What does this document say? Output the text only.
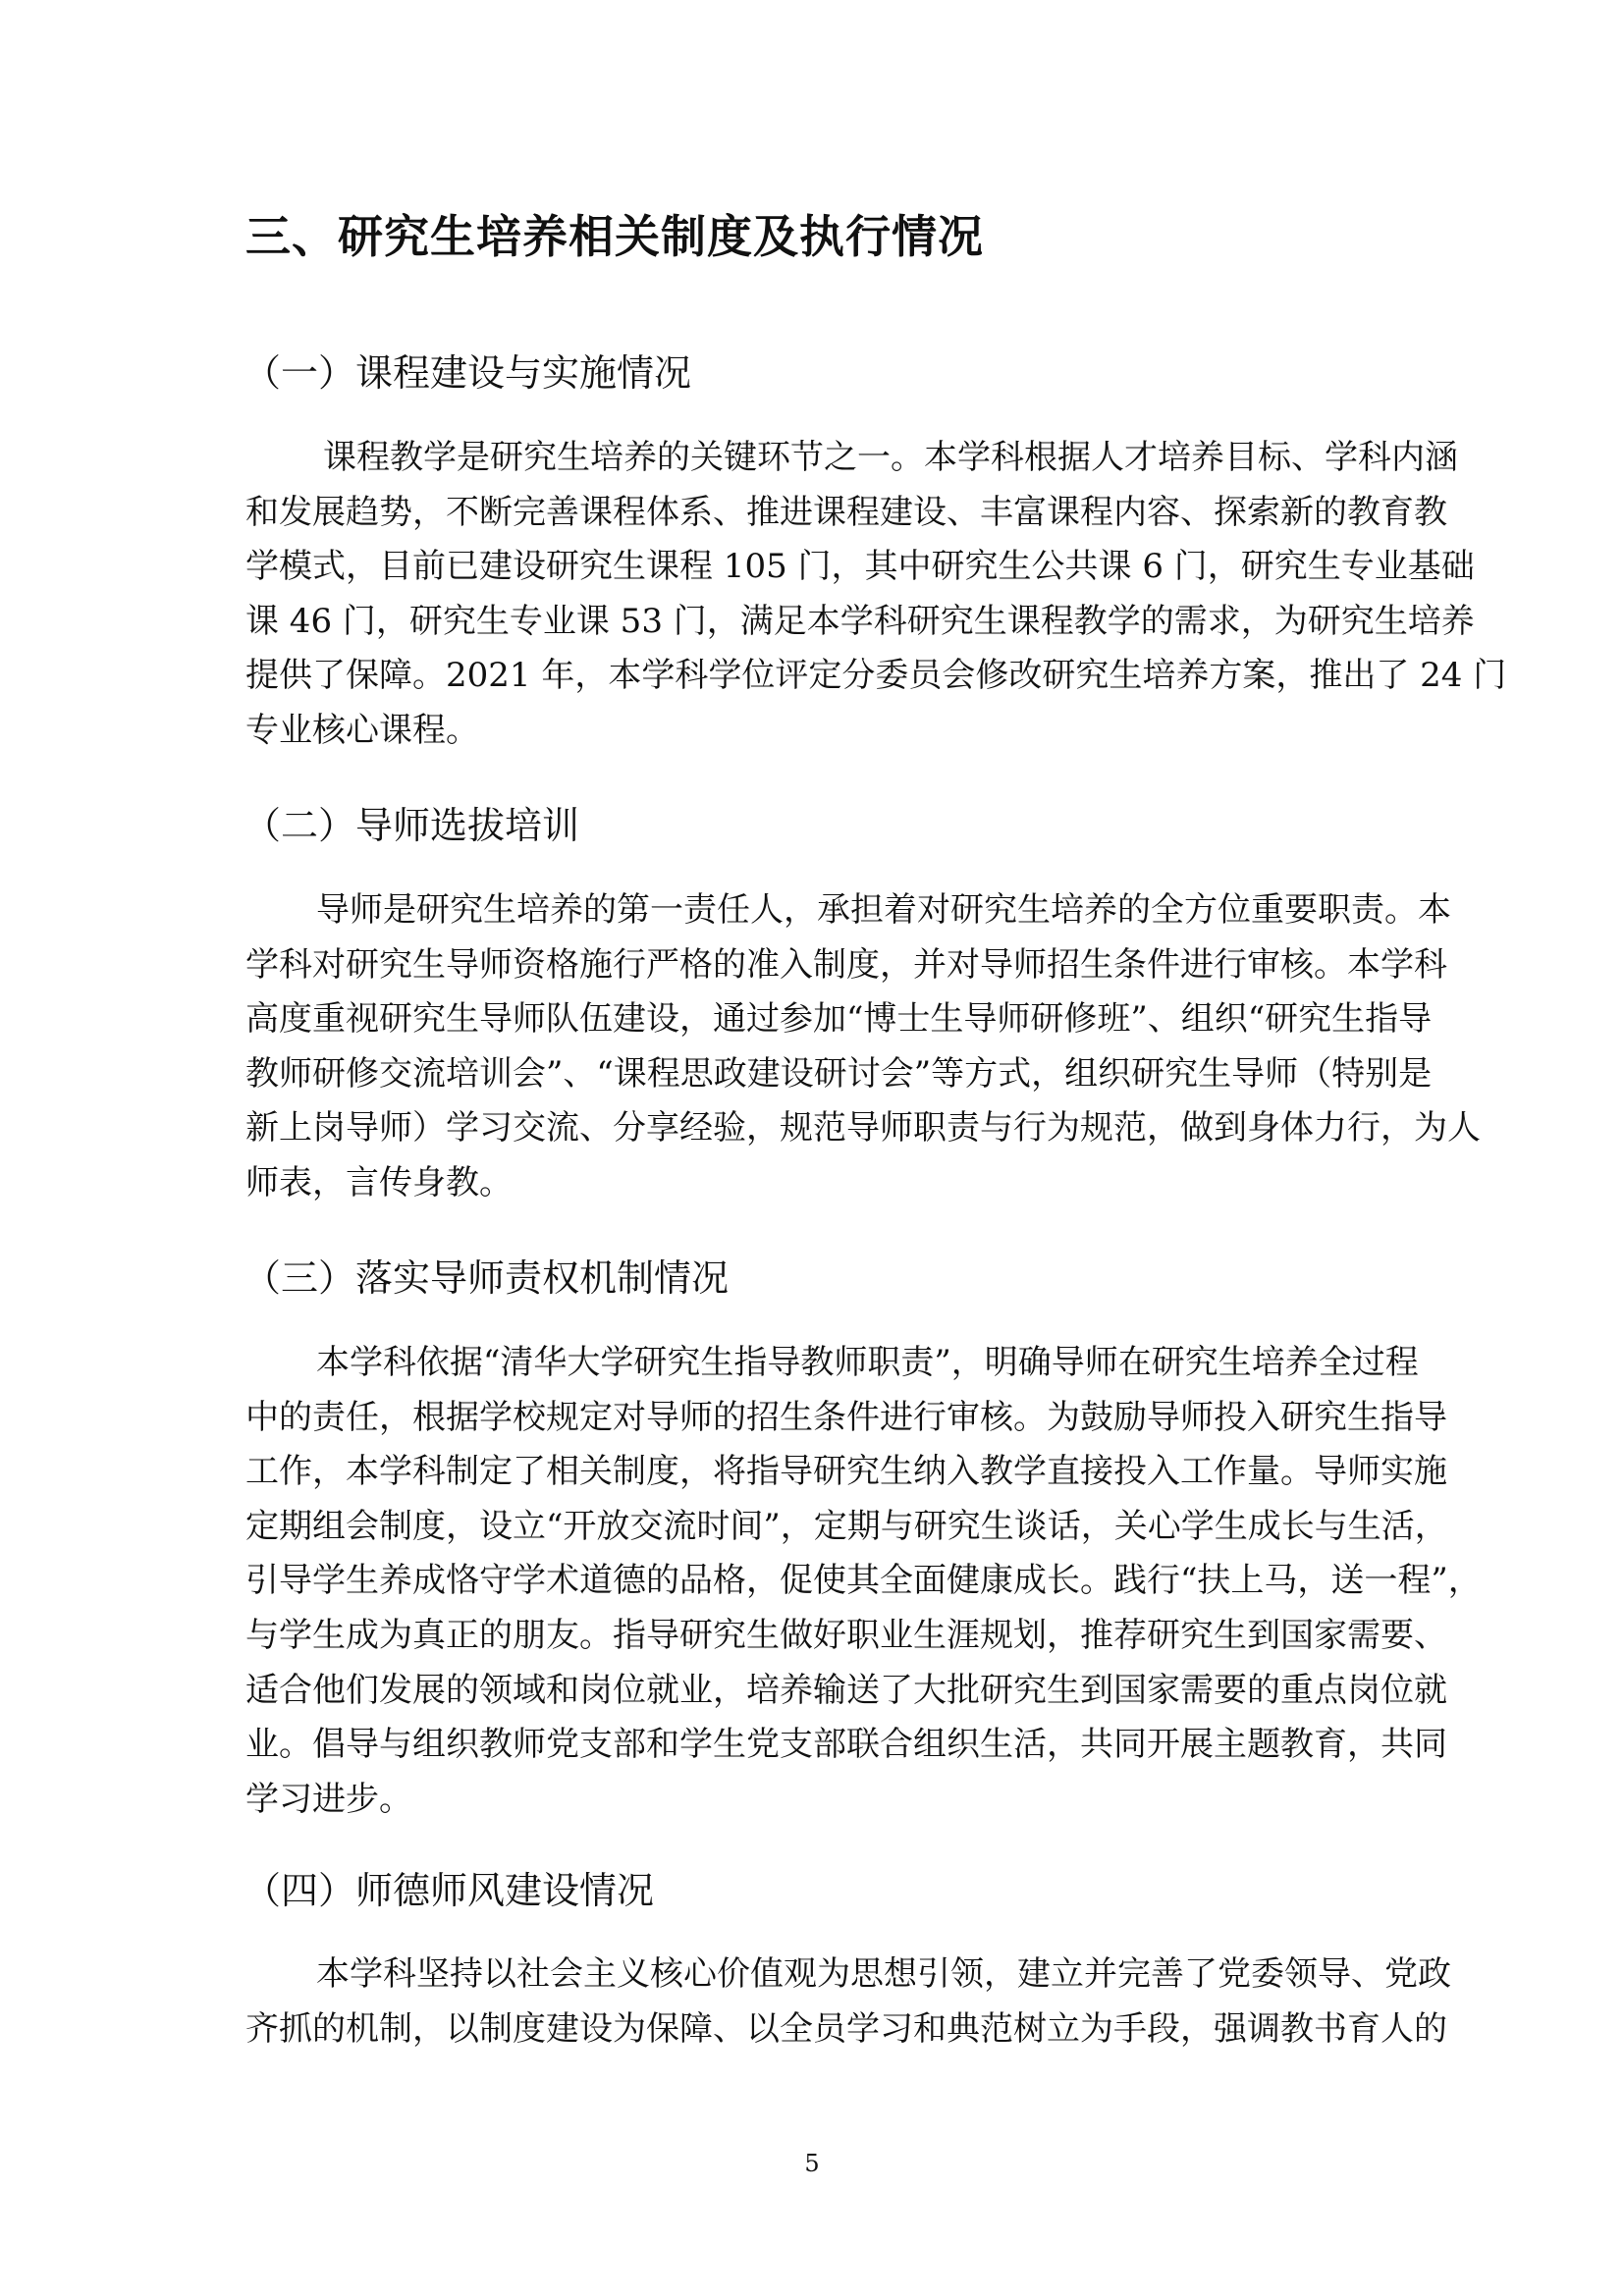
三、研究生培养相关制度及执行情况
（一）课程建设与实施情况
课程教学是研究生培养的关键环节之一。本学科根据人才培养目标、学科内涵
和发展趋势，不断完善课程体系、推进课程建设、丰富课程内容、探索新的教育教
学模式，目前已建设研究生课程 105 门，其中研究生公共课 6 门，研究生专业基础
课 46 门，研究生专业课 53 门，满足本学科研究生课程教学的需求，为研究生培养
提供了保障。2021 年，本学科学位评定分委员会修改研究生培养方案，推出了 24 门
专业核心课程。
（二）导师选拔培训
导师是研究生培养的第一责任人，承担着对研究生培养的全方位重要职责。本
学科对研究生导师资格施行严格的准入制度，并对导师招生条件进行审核。本学科
高度重视研究生导师队伍建设，通过参加“博士生导师研修班”、组织“研究生指导
教师研修交流培训会”、“课程思政建设研讨会”等方式，组织研究生导师（特别是
新上岗导师）学习交流、分享经验，规范导师职责与行为规范，做到身体力行，为人
师表，言传身教。
（三）落实导师责权机制情况
本学科依据“清华大学研究生指导教师职责”，明确导师在研究生培养全过程
中的责任，根据学校规定对导师的招生条件进行审核。为鼓励导师投入研究生指导
工作，本学科制定了相关制度，将指导研究生纳入教学直接投入工作量。导师实施
定期组会制度，设立“开放交流时间”，定期与研究生谈话，关心学生成长与生活，
引导学生养成恪守学术道德的品格，促使其全面健康成长。践行“扶上马，送一程”，
与学生成为真正的朋友。指导研究生做好职业生涯规划，推荐研究生到国家需要、
适合他们发展的领域和岗位就业，培养输送了大批研究生到国家需要的重点岗位就
业。倡导与组织教师党支部和学生党支部联合组织生活，共同开展主题教育，共同
学习进步。
（四）师德师风建设情况
本学科坚持以社会主义核心价值观为思想引领，建立并完善了党委领导、党政
齐抓的机制，以制度建设为保障、以全员学习和典范树立为手段，强调教书育人的

5
